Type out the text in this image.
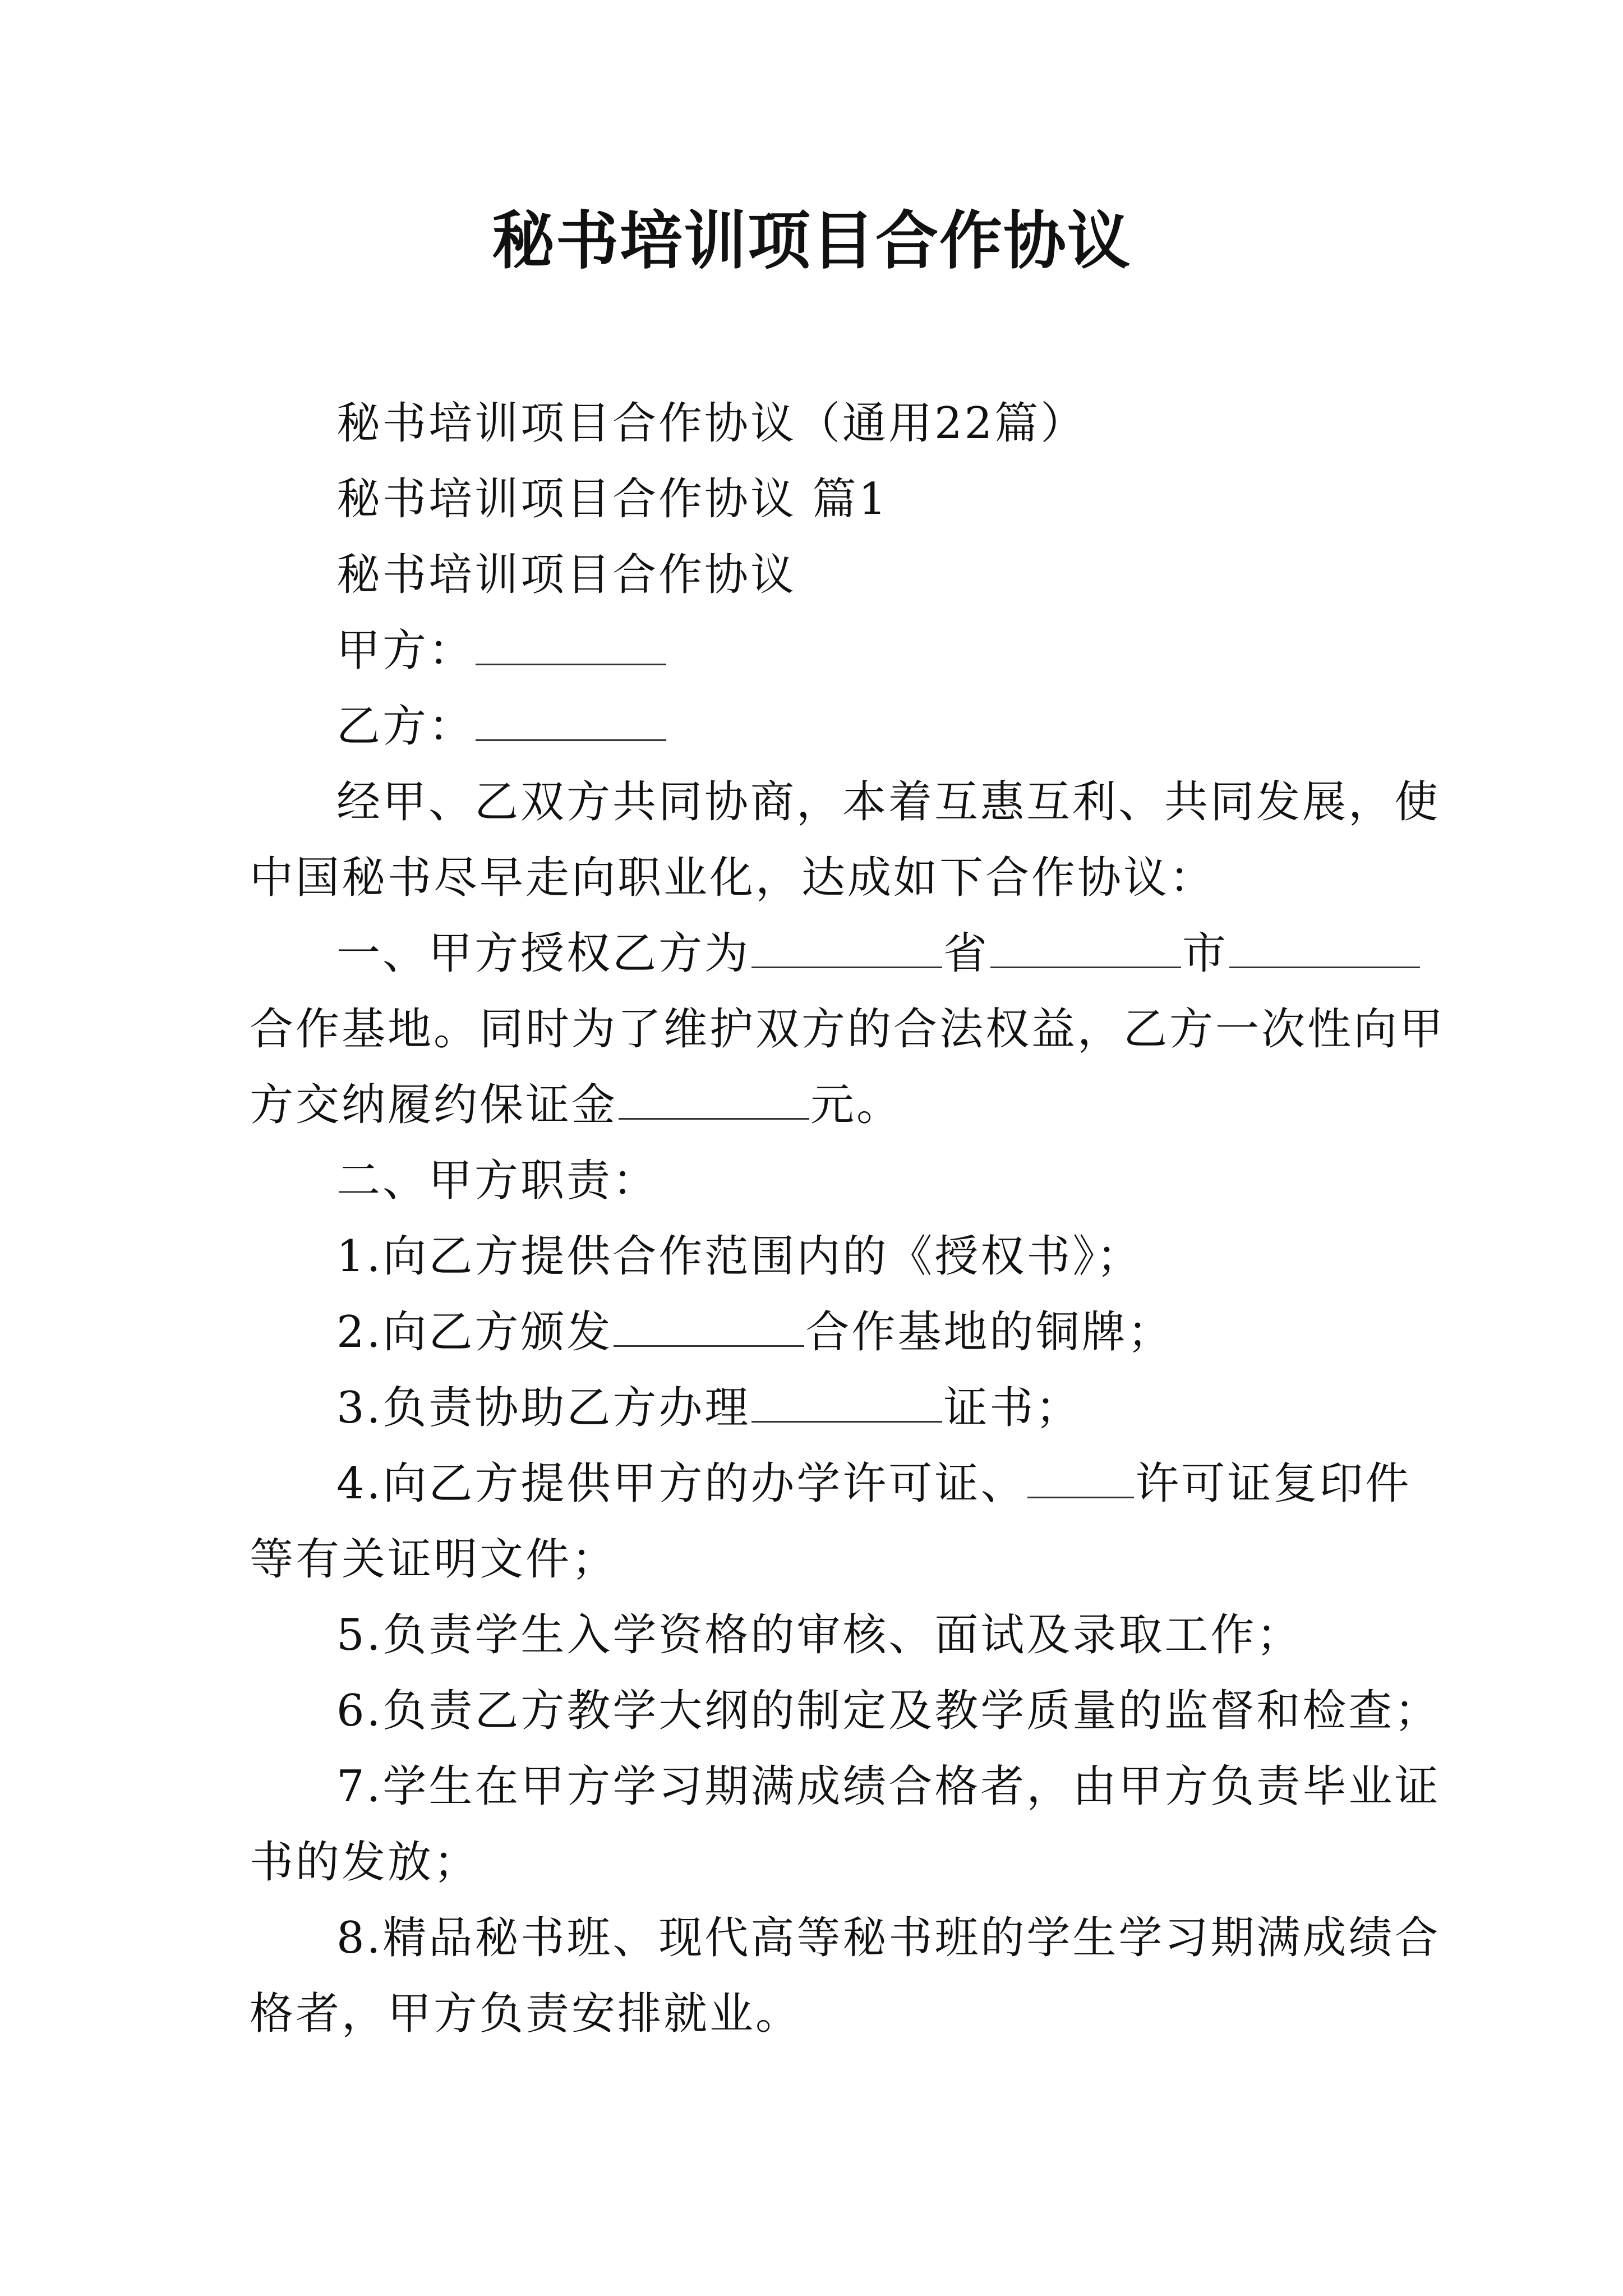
秘书培训项目合作协议
秘书培训项目合作协议（通用22篇）
秘书培训项目合作协议 篇1
秘书培训项目合作协议
甲方：
乙方：
经甲、乙双方共同协商，本着互惠互利、共同发展，使
中国秘书尽早走向职业化，达成如下合作协议：
一、甲方授权乙方为	省	市
合作基地。同时为了维护双方的合法权益，乙方一次性向甲
方交纳履约保证金	元。
二、甲方职责：
1.向乙方提供合作范围内的《授权书》；
2.向乙方颁发	合作基地的铜牌；
3.负责协助乙方办理	证书；
4.向乙方提供甲方的办学许可证、 许可证复印件
等有关证明文件；
5.负责学生入学资格的审核、面试及录取工作；
6.负责乙方教学大纲的制定及教学质量的监督和检查；
7.学生在甲方学习期满成绩合格者，由甲方负责毕业证
书的发放；
8.精品秘书班、现代高等秘书班的学生学习期满成绩合
格者，甲方负责安排就业。
